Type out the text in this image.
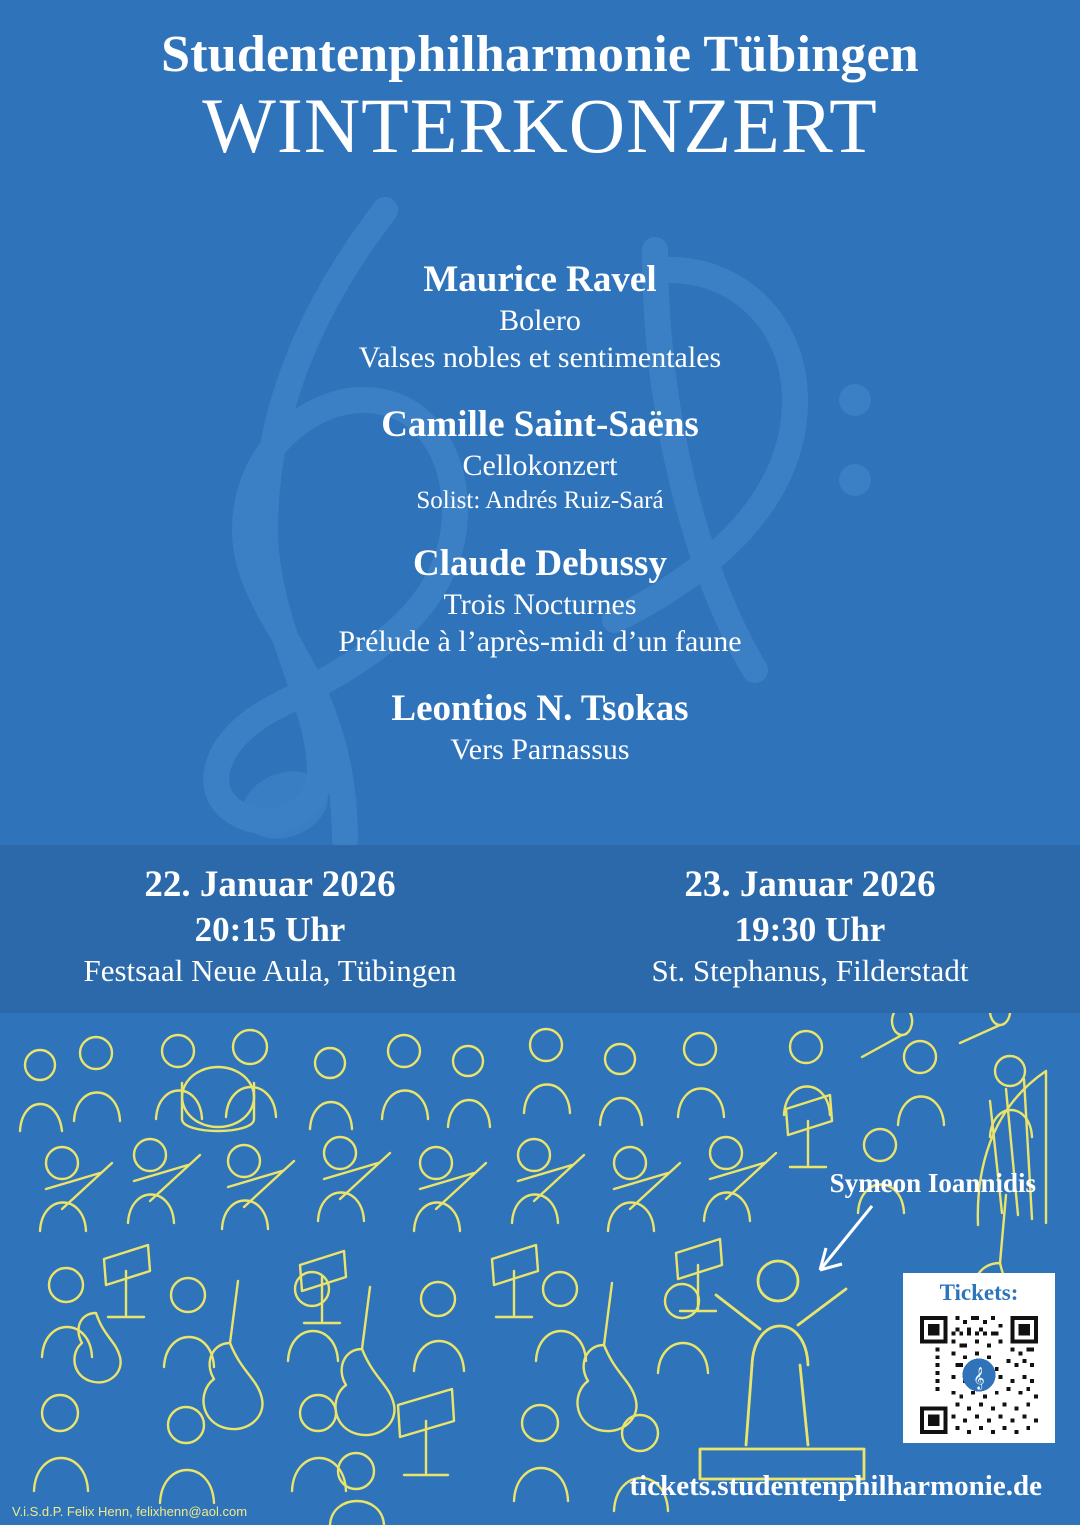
Studentenphilharmonie Tübingen
WINTERKONZERT
Maurice Ravel
Bolero
Valses nobles et sentimentales
Camille Saint-Saëns
Cellokonzert
Solist: Andrés Ruiz-Sará
Claude Debussy
Trois Nocturnes
Prélude à l’après-midi d’un faune
Leontios N. Tsokas
Vers Parnassus
22. Januar 2026
20:15 Uhr
Festsaal Neue Aula, Tübingen
23. Januar 2026
19:30 Uhr
St. Stephanus, Filderstadt
Symeon Ioannidis
Tickets:
𝄞
tickets.studentenphilharmonie.de
V.i.S.d.P. Felix Henn, felixhenn@aol.com
